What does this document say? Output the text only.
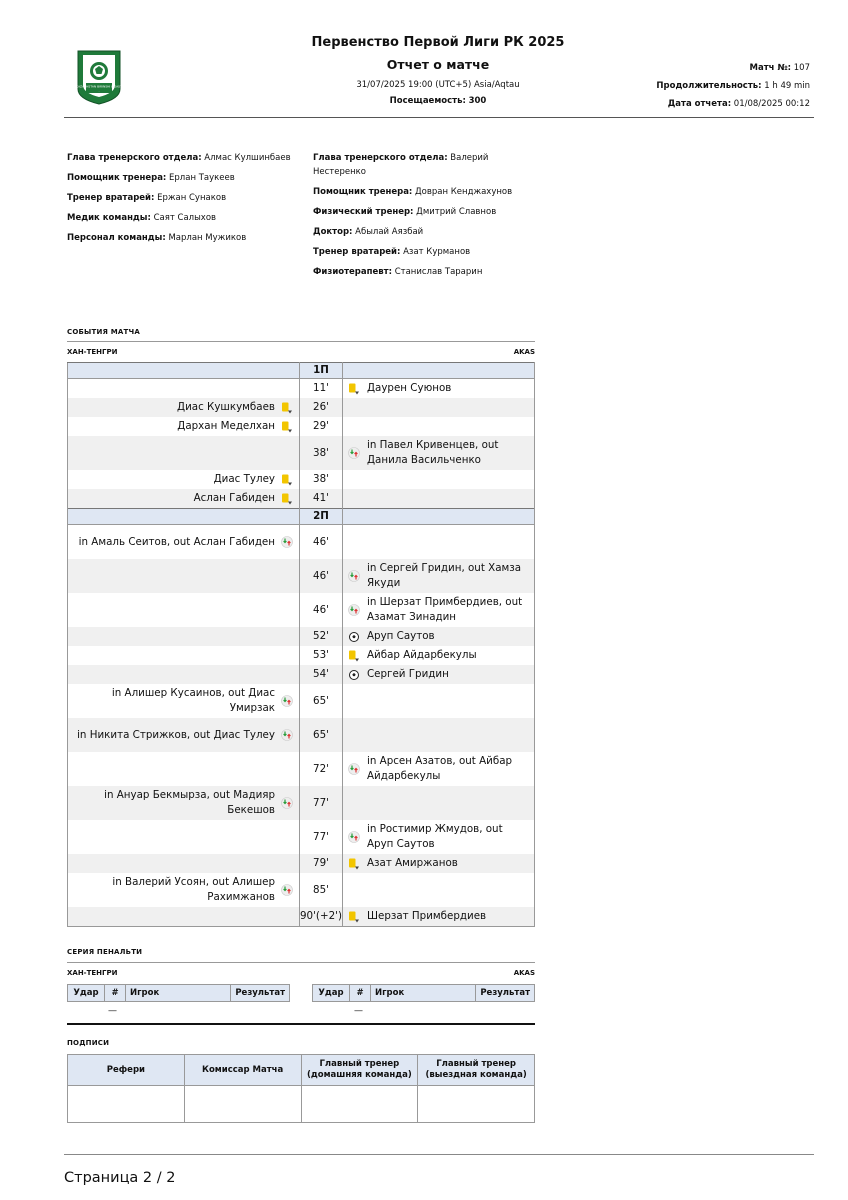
KAZAKHSTAN BIRINSHI LIGASY
.
Первенство Первой Лиги РК 2025
Отчет о матче
31/07/2025 19:00 (UTC+5) Asia/Aqtau
Посещаемость: 300
Матч №: 107
Продолжительность: 1 h 49 min
Дата отчета: 01/08/2025 00:12
Глава тренерского отдела: Алмас Кулшинбаев
Помощник тренера: Ерлан Таукеев
Тренер вратарей: Ержан Сунаков
Медик команды: Саят Салыхов
Персонал команды: Марлан Мужиков
Глава тренерского отдела: Валерий Нестеренко
Помощник тренера: Довран Кенджахунов
Физический тренер: Дмитрий Славнов
Доктор: Абылай Аязбай
Тренер вратарей: Азат Курманов
Физиотерапевт: Станислав Тарарин
СОБЫТИЯ МАТЧА
ХАН-ТЕНГРИ	AKAS
	1П	
	11'	Даурен Суюнов

Диас Кушкумбаев	26'	
Дархан Меделхан	29'	
	38'	in Павел Кривенцев, out Данила Васильченко

Диас Тулеу	38'	
Аслан Габиден	41'	
	2П	
in Амаль Сеитов, out Аслан Габиден	46'	
	46'	in Сергей Гридин, out Хамза Якуди

	46'	in Шерзат Примбердиев, out Азамат Зинадин

	52'	Аруп Саутов

	53'	Айбар Айдарбекулы

	54'	Сергей Гридин

in Алишер Кусаинов, out Диас Умирзак	65'	
in Никита Стрижков, out Диас Тулеу	65'	
	72'	in Арсен Азатов, out Айбар Айдарбекулы

in Ануар Бекмырза, out Мадияр Бекешов	77'	
	77'	in Ростимир Жмудов, out Аруп Саутов

	79'	Азат Амиржанов

in Валерий Усоян, out Алишер Рахимжанов	85'	
	90'(+2')	Шерзат Примбердиев
СЕРИЯ ПЕНАЛЬТИ
ХАН-ТЕНГРИ	AKAS
Удар	#	Игрок	Результат
—
Удар	#	Игрок	Результат
—
ПОДПИСИ
Рефери	Комиссар Матча	Главный тренер (домашняя команда)	Главный тренер (выездная команда)

Страница 2 / 2
